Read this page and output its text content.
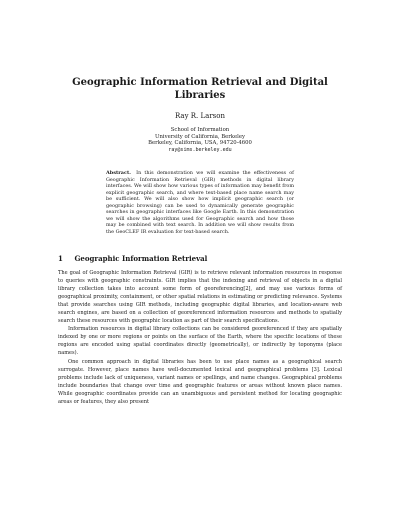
Geographic Information Retrieval and Digital
Libraries
Ray R. Larson
School of Information
University of California, Berkeley
Berkeley, California, USA, 94720-4600
ray@sims.berkeley.edu
Abstract. In this demonstration we will examine the effectiveness of Geographic Information Retrieval (GIR) methods in digital library interfaces. We will show how various types of information may benefit from explicit geographic search, and where text-based place name search may be sufficient. We will also show how implicit geographic search (or geographic browsing) can be used to dynamically generate geographic searches in geographic interfaces like Google Earth. In this demonstration we will show the algorithms used for Geographic search and how those may be combined with text search. In addition we will show results from the GeoCLEF IR evaluation for text-based search.
1 Geographic Information Retrieval

The goal of Geographic Information Retrieval (GIR) is to retrieve relevant information resources in response to queries with geographic constraints. GIR implies that the indexing and retrieval of objects in a digital library collection takes into account some form of georeferencing[2], and may use various forms of geographical proximity, containment, or other spatial relations in estimating or predicting relevance. Systems that provide searches using GIR methods, including geographic digital libraries, and location-aware web search engines, are based on a collection of georeferenced information resources and methods to spatially search these resources with geographic location as part of their search specifications.

Information resources in digital library collections can be considered georeferenced if they are spatially indexed by one or more regions or points on the surface of the Earth, where the specific locations of these regions are encoded using spatial coordinates directly (geometrically), or indirectly by toponyms (place names).

One common approach in digital libraries has been to use place names as a geographical search surrogate. However, place names have well-documented lexical and geographical problems [3]. Lexical problems include lack of uniqueness, variant names or spellings, and name changes. Geographical problems include boundaries that change over time and geographic features or areas without known place names. While geographic coordinates provide can an unambiguous and persistent method for locating geographic areas or features, they also present
